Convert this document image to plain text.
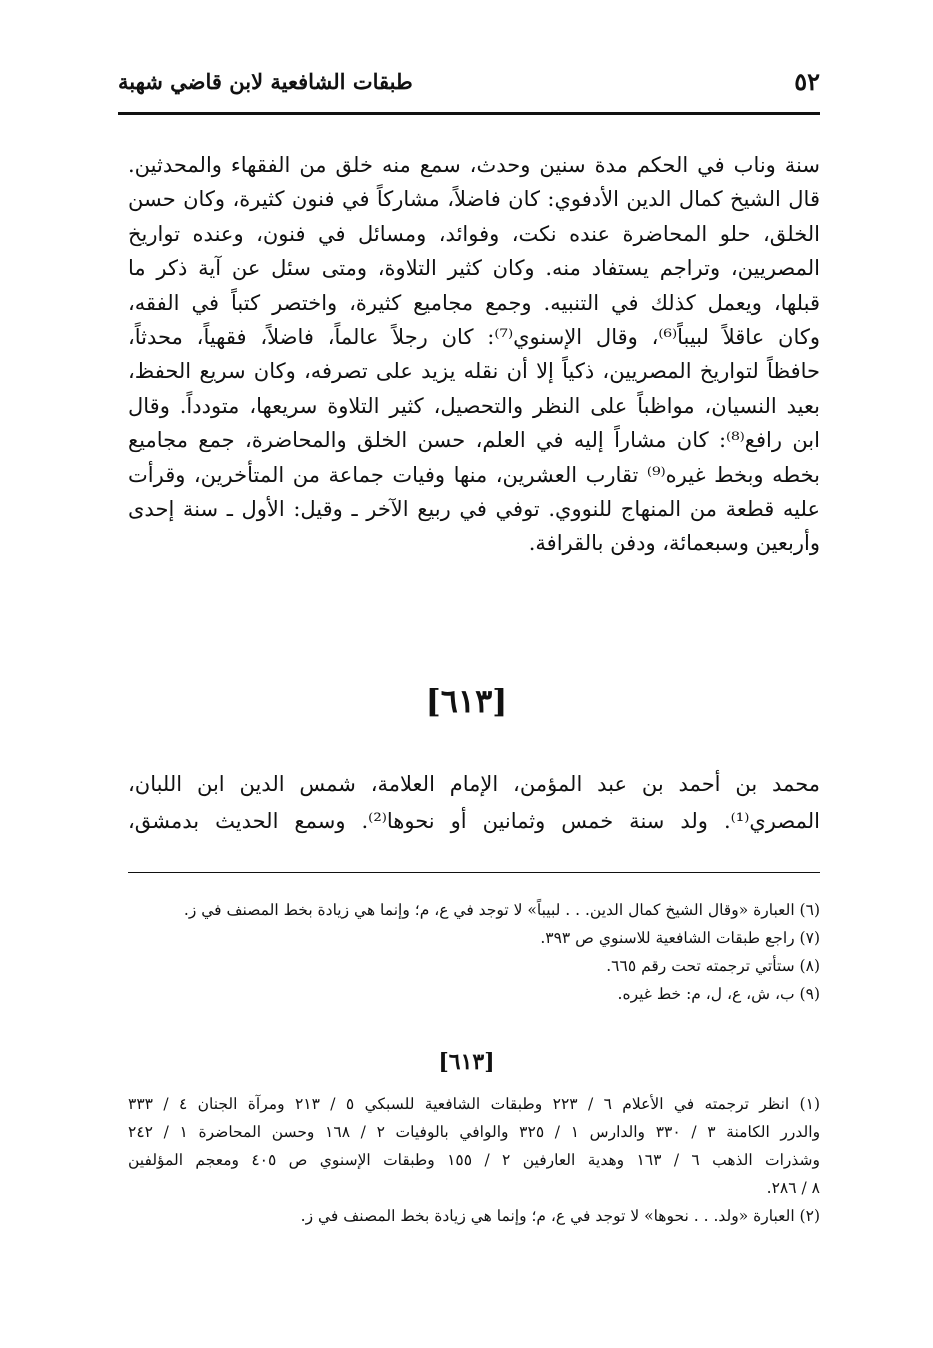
٥٢
طبقات الشافعية لابن قاضي شهبة
سنة وناب في الحكم مدة سنين وحدث، سمع منه خلق من الفقهاء والمحدثين.
قال الشيخ كمال الدين الأدفوي: كان فاضلاً، مشاركاً في فنون كثيرة، وكان حسن
الخلق، حلو المحاضرة عنده نكت، وفوائد، ومسائل في فنون، وعنده تواريخ
المصريين، وتراجم يستفاد منه. وكان كثير التلاوة، ومتى سئل عن آية ذكر ما
قبلها، ويعمل كذلك في التنبيه. وجمع مجاميع كثيرة، واختصر كتباً في الفقه،
وكان عاقلاً لبيباً⁽⁶⁾، وقال الإسنوي⁽⁷⁾: كان رجلاً عالماً، فاضلاً، فقهياً، محدثاً،
حافظاً لتواريخ المصريين، ذكياً إلا أن نقله يزيد على تصرفه، وكان سريع الحفظ،
بعيد النسيان، مواظباً على النظر والتحصيل، كثير التلاوة سريعها، متودداً. وقال
ابن رافع⁽⁸⁾: كان مشاراً إليه في العلم، حسن الخلق والمحاضرة، جمع مجاميع
بخطه وبخط غيره⁽⁹⁾ تقارب العشرين، منها وفيات جماعة من المتأخرين، وقرأت
عليه قطعة من المنهاج للنووي. توفي في ربيع الآخر ـ وقيل: الأول ـ سنة إحدى
وأربعين وسبعمائة، ودفن بالقرافة.
[٦١٣]
محمد بن أحمد بن عبد المؤمن، الإمام العلامة، شمس الدين ابن اللبان،
المصري⁽¹⁾. ولد سنة خمس وثمانين أو نحوها⁽²⁾. وسمع الحديث بدمشق،
(٦) العبارة «وقال الشيخ كمال الدين. . . لبيباً» لا توجد في ع، م؛ وإنما هي زيادة بخط المصنف في ز.
(٧) راجع طبقات الشافعية للاسنوي ص ٣٩٣.
(٨) ستأتي ترجمته تحت رقم ٦٦٥.
(٩) ب، ش، ع، ل، م: خط غيره.
[٦١٣]
(١) انظر ترجمته في الأعلام ٦ / ٢٢٣ وطبقات الشافعية للسبكي ٥ / ٢١٣ ومرآة الجنان ٤ / ٣٣٣
والدرر الكامنة ٣ / ٣٣٠ والدارس ١ / ٣٢٥ والوافي بالوفيات ٢ / ١٦٨ وحسن المحاضرة ١ / ٢٤٢
وشذرات الذهب ٦ / ١٦٣ وهدية العارفين ٢ / ١٥٥ وطبقات الإسنوي ص ٤٠٥ ومعجم المؤلفين
٨ / ٢٨٦.
(٢) العبارة «ولد. . . نحوها» لا توجد في ع، م؛ وإنما هي زيادة بخط المصنف في ز.
